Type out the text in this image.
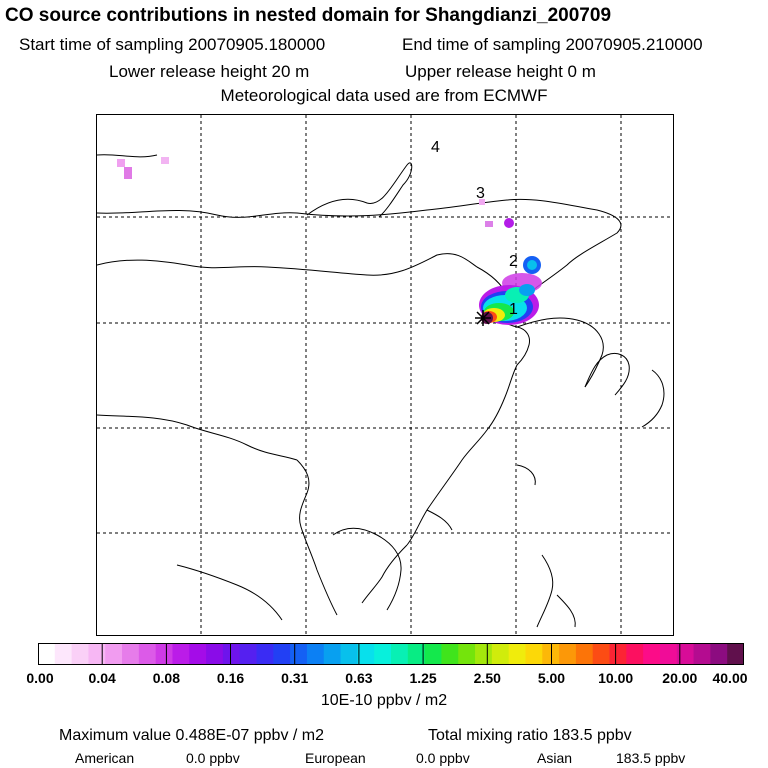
CO source contributions in nested domain for Shangdianzi_200709
Start time of sampling 20070905.180000	End time of sampling 20070905.210000
Lower release height 20 m	Upper release height 0 m
Meteorological data used are from ECMWF
1
2
3
4
0.00 0.04	0.08	0.16	0.31	0.63	1.25	2.50	5.00 10.00 20.00 40.00
10E-10 ppbv / m2
Maximum value 0.488E-07 ppbv / m2	Total mixing ratio 183.5 ppbv
American	0.0 ppbv	European	0.0 ppbv	Asian	183.5 ppbv
